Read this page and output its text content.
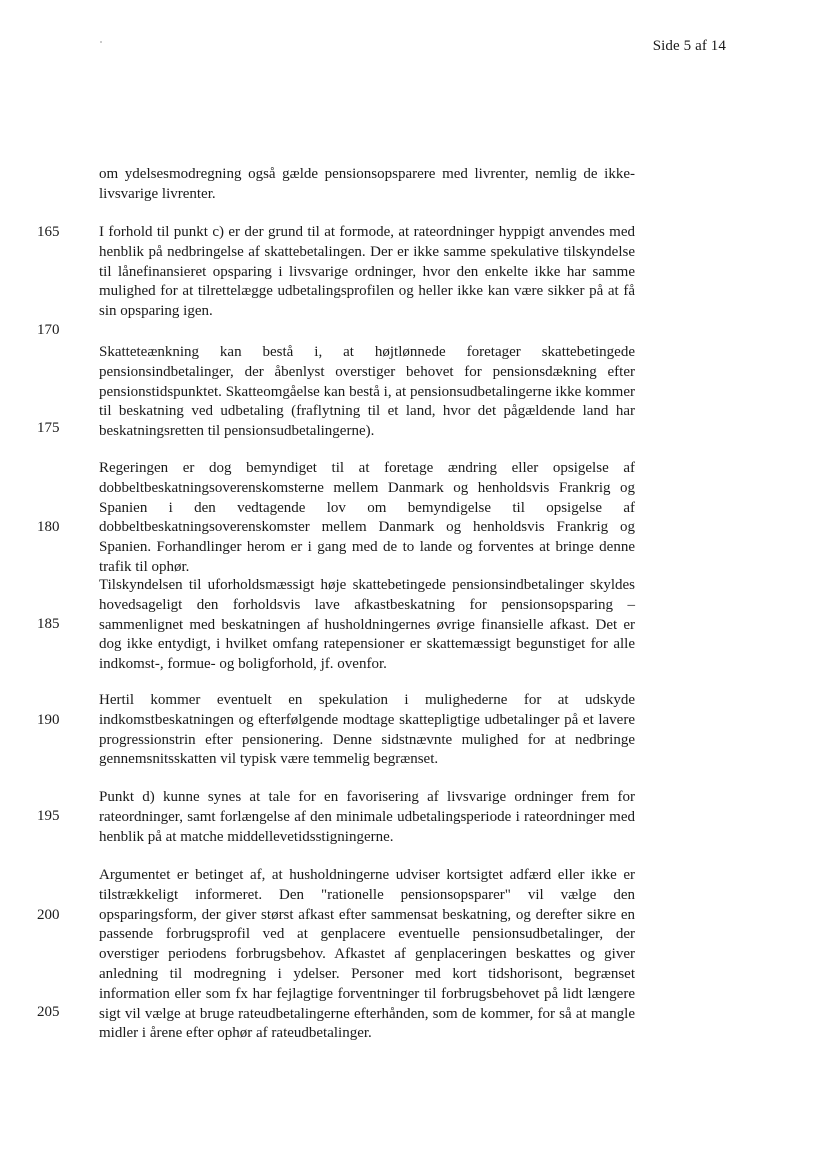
Side 5 af 14
165
170
175
180
185
190
195
200
205

om ydelsesmodregning også gælde pensionsopsparere med livrenter, nemlig de ikke-livsvarige livrenter.

I forhold til punkt c) er der grund til at formode, at rateordninger hyppigt anvendes med henblik på nedbringelse af skattebetalingen. Der er ikke samme spekulative tilskyndelse til lånefinansieret opsparing i livsvarige ordninger, hvor den enkelte ikke har samme mulighed for at tilrettelægge udbetalingsprofilen og heller ikke kan være sikker på at få sin opsparing igen.

Skatteteænkning kan bestå i, at højtlønnede foretager skattebetingede pensionsindbetalinger, der åbenlyst overstiger behovet for pensionsdækning efter pensionstidspunktet. Skatteomgåelse kan bestå i, at pensionsudbetalingerne ikke kommer til beskatning ved udbetaling (fraflytning til et land, hvor det pågældende land har beskatningsretten til pensionsudbetalingerne).

Regeringen er dog bemyndiget til at foretage ændring eller opsigelse af dobbeltbeskatningsoverenskomsterne mellem Danmark og henholdsvis Frankrig og Spanien i den vedtagende lov om bemyndigelse til opsigelse af dobbeltbeskatningsoverenskomster mellem Danmark og henholdsvis Frankrig og Spanien. Forhandlinger herom er i gang med de to lande og forventes at bringe denne trafik til ophør.

Tilskyndelsen til uforholdsmæssigt høje skattebetingede pensionsindbetalinger skyldes hovedsageligt den forholdsvis lave afkastbeskatning for pensionsopsparing – sammenlignet med beskatningen af husholdningernes øvrige finansielle afkast. Det er dog ikke entydigt, i hvilket omfang ratepensioner er skattemæssigt begunstiget for alle indkomst-, formue- og boligforhold, jf. ovenfor.

Hertil kommer eventuelt en spekulation i mulighederne for at udskyde indkomstbeskatningen og efterfølgende modtage skattepligtige udbetalinger på et lavere progressionstrin efter pensionering. Denne sidstnævnte mulighed for at nedbringe gennemsnitsskatten vil typisk være temmelig begrænset.

Punkt d) kunne synes at tale for en favorisering af livsvarige ordninger frem for rateordninger, samt forlængelse af den minimale udbetalingsperiode i rateordninger med henblik på at matche middellevetidsstigningerne.

Argumentet er betinget af, at husholdningerne udviser kortsigtet adfærd eller ikke er tilstrækkeligt informeret. Den "rationelle pensionsopsparer" vil vælge den opsparingsform, der giver størst afkast efter sammensat beskatning, og derefter sikre en passende forbrugsprofil ved at genplacere eventuelle pensionsudbetalinger, der overstiger periodens forbrugsbehov. Afkastet af genplaceringen beskattes og giver anledning til modregning i ydelser. Personer med kort tidshorisont, begrænset information eller som fx har fejlagtige forventninger til forbrugsbehovet på lidt længere sigt vil vælge at bruge rateudbetalingerne efterhånden, som de kommer, for så at mangle midler i årene efter ophør af rateudbetalinger.
